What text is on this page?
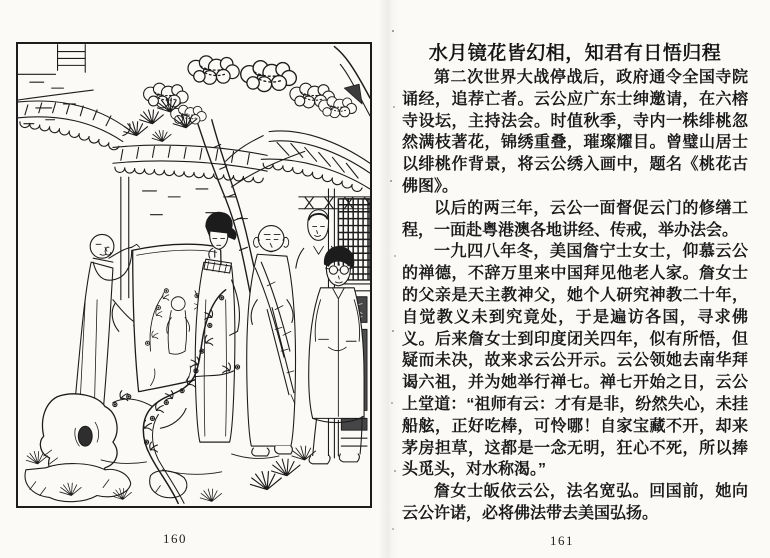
160
水月镜花皆幻相，知君有日悟归程

第二次世界大战停战后，政府通令全国寺院诵经，追荐亡者。云公应广东士绅邀请，在六榕寺设坛，主持法会。时值秋季，寺内一株绯桃忽然满枝著花，锦绣重叠，璀璨耀目。曾璧山居士以绯桃作背景，将云公绣入画中，题名《桃花古佛图》。

以后的两三年，云公一面督促云门的修缮工程，一面赴粤港澳各地讲经、传戒，举办法会。

一九四八年冬，美国詹宁士女士，仰慕云公的禅德，不辞万里来中国拜见他老人家。詹女士的父亲是天主教神父，她个人研究神教二十年，自觉教义未到究竟处，于是遍访各国，寻求佛义。后来詹女士到印度闭关四年，似有所悟，但疑而未决，故来求云公开示。云公领她去南华拜谒六祖，并为她举行禅七。禅七开始之日，云公上堂道：“祖师有云：才有是非，纷然失心，未挂船舷，正好吃棒，可怜哪！自家宝藏不开，却来茅房担草，这都是一念无明，狂心不死，所以捧头觅头，对水称渴。”

詹女士皈依云公，法名宽弘。回国前，她向云公许诺，必将佛法带去美国弘扬。

161
